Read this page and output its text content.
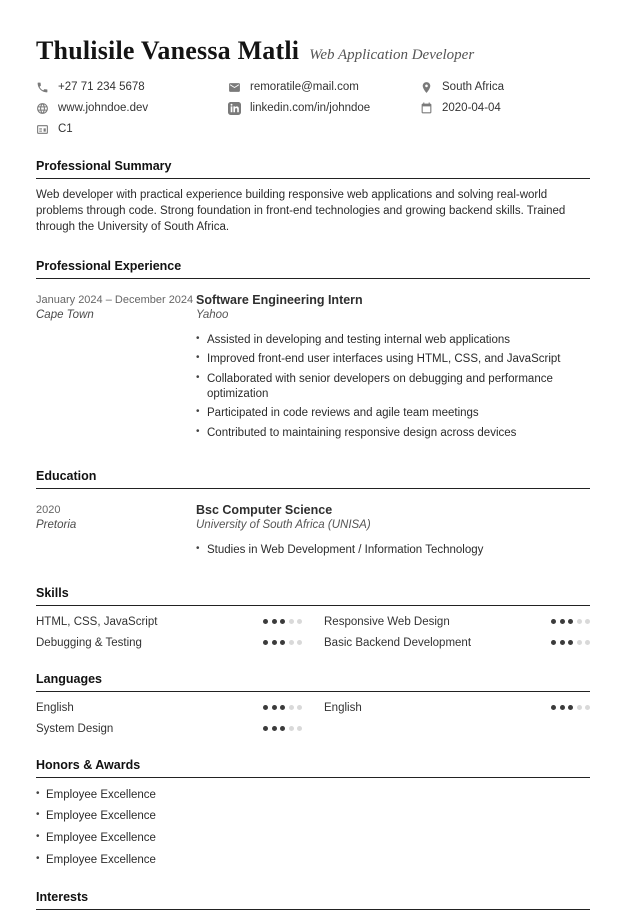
Thulisile Vanessa Matli Web Application Developer
+27 71 234 5678	remoratile@mail.com	South Africa
www.johndoe.dev	linkedin.com/in/johndoe	2020-04-04
C1
Professional Summary

Web developer with practical experience building responsive web applications and solving real-world problems through code. Strong foundation in front-end technologies and growing backend skills. Trained through the University of South Africa.

Professional Experience
January 2024 – December 2024
Cape Town
Software Engineering Intern
Yahoo
• Assisted in developing and testing internal web applications
• Improved front-end user interfaces using HTML, CSS, and JavaScript
• Collaborated with senior developers on debugging and performance optimization
• Participated in code reviews and agile team meetings
• Contributed to maintaining responsive design across devices
Education
2020
Pretoria
Bsc Computer Science
University of South Africa (UNISA)
• Studies in Web Development / Information Technology
Skills
HTML, CSS, JavaScript	Responsive Web Design
Debugging & Testing	Basic Backend Development
Languages
English	English
System Design
Honors & Awards
• Employee Excellence
• Employee Excellence
• Employee Excellence
• Employee Excellence
Interests
